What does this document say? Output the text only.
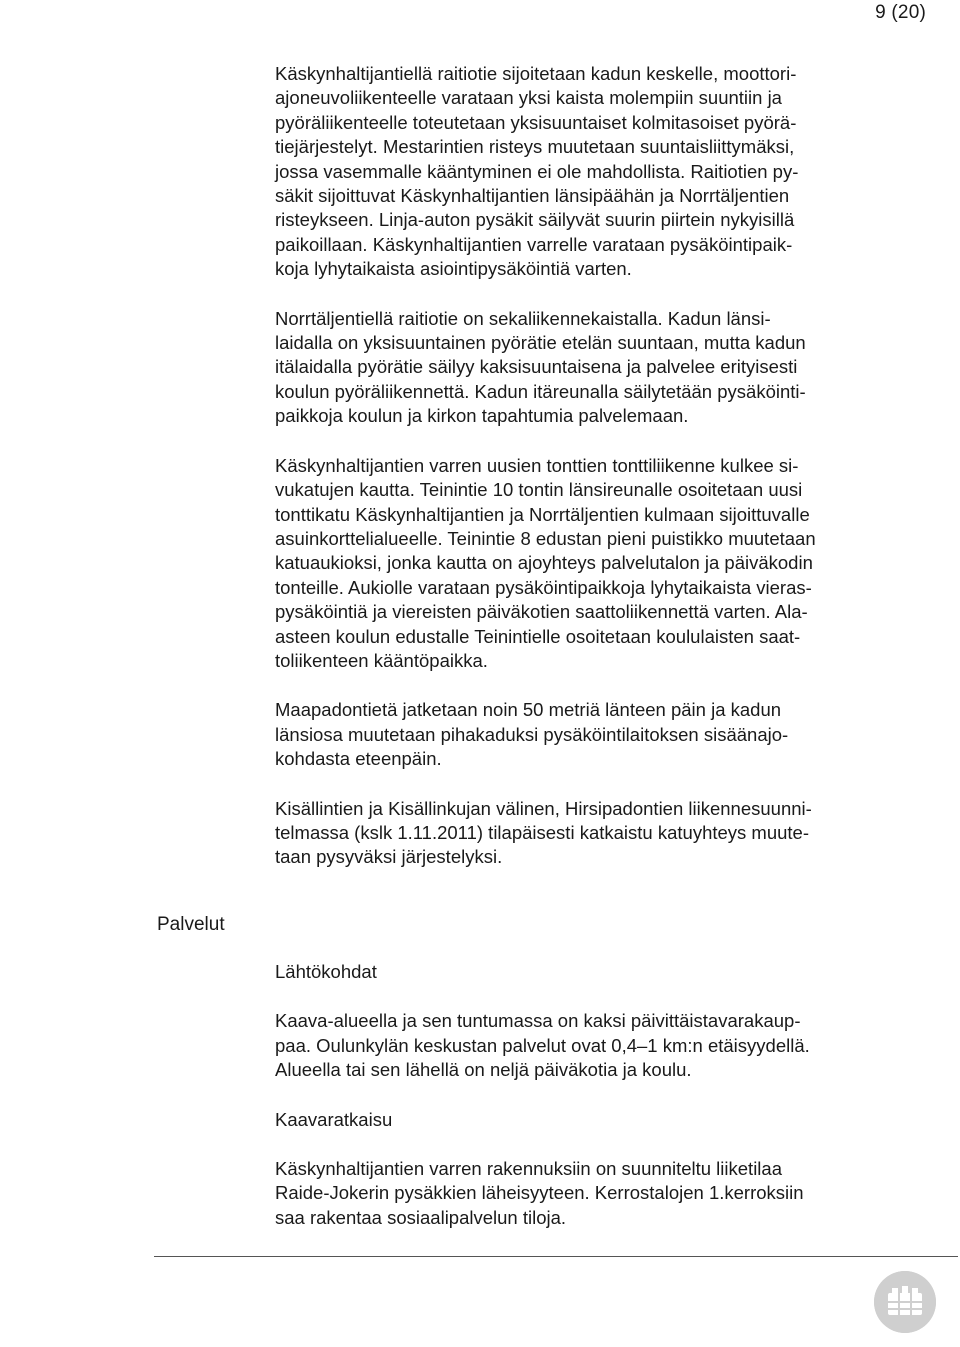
9 (20)

Käskynhaltijantiellä raitiotie sijoitetaan kadun keskelle, moottori-
ajoneuvoliikenteelle varataan yksi kaista molempiin suuntiin ja
pyöräliikenteelle toteutetaan yksisuuntaiset kolmitasoiset pyörä-
tiejärjestelyt. Mestarintien risteys muutetaan suuntaisliittymäksi,
jossa vasemmalle kääntyminen ei ole mahdollista. Raitiotien py-
säkit sijoittuvat Käskynhaltijantien länsipäähän ja Norrtäljentien
risteykseen. Linja-auton pysäkit säilyvät suurin piirtein nykyisillä
paikoillaan. Käskynhaltijantien varrelle varataan pysäköintipaik-
koja lyhytaikaista asiointipysäköintiä varten.

Norrtäljentiellä raitiotie on sekaliikennekaistalla. Kadun länsi-
laidalla on yksisuuntainen pyörätie etelän suuntaan, mutta kadun
itälaidalla pyörätie säilyy kaksisuuntaisena ja palvelee erityisesti
koulun pyöräliikennettä. Kadun itäreunalla säilytetään pysäköinti-
paikkoja koulun ja kirkon tapahtumia palvelemaan.

Käskynhaltijantien varren uusien tonttien tonttiliikenne kulkee si-
vukatujen kautta. Teinintie 10 tontin länsireunalle osoitetaan uusi
tonttikatu Käskynhaltijantien ja Norrtäljentien kulmaan sijoittuvalle
asuinkorttelialueelle. Teinintie 8 edustan pieni puistikko muutetaan
katuaukioksi, jonka kautta on ajoyhteys palvelutalon ja päiväkodin
tonteille. Aukiolle varataan pysäköintipaikkoja lyhytaikaista vieras-
pysäköintiä ja viereisten päiväkotien saattoliikennettä varten. Ala-
asteen koulun edustalle Teinintielle osoitetaan koululaisten saat-
toliikenteen kääntöpaikka.

Maapadontietä jatketaan noin 50 metriä länteen päin ja kadun
länsiosa muutetaan pihakaduksi pysäköintilaitoksen sisäänajo-
kohdasta eteenpäin.

Kisällintien ja Kisällinkujan välinen, Hirsipadontien liikennesuunni-
telmassa (kslk 1.11.2011) tilapäisesti katkaistu katuyhteys muute-
taan pysyväksi järjestelyksi.

Palvelut

Lähtökohdat

Kaava-alueella ja sen tuntumassa on kaksi päivittäistavarakaup-
paa. Oulunkylän keskustan palvelut ovat 0,4–1 km:n etäisyydellä.
Alueella tai sen lähellä on neljä päiväkotia ja koulu.

Kaavaratkaisu

Käskynhaltijantien varren rakennuksiin on suunniteltu liiketilaa
Raide-Jokerin pysäkkien läheisyyteen. Kerrostalojen 1.kerroksiin
saa rakentaa sosiaalipalvelun tiloja.
